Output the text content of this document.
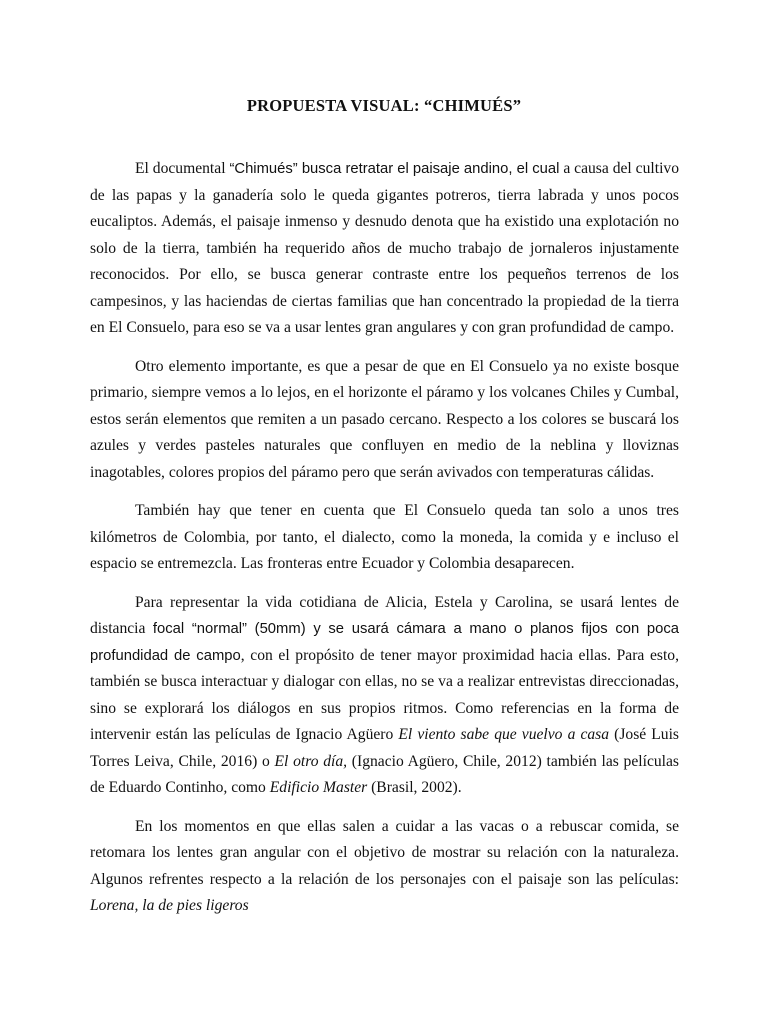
PROPUESTA VISUAL: “CHIMUÉS”

El documental “Chimués” busca retratar el paisaje andino, el cual a causa del cultivo de las papas y la ganadería solo le queda gigantes potreros, tierra labrada y unos pocos eucaliptos. Además, el paisaje inmenso y desnudo denota que ha existido una explotación no solo de la tierra, también ha requerido años de mucho trabajo de jornaleros injustamente reconocidos. Por ello, se busca generar contraste entre los pequeños terrenos de los campesinos, y las haciendas de ciertas familias que han concentrado la propiedad de la tierra en El Consuelo, para eso se va a usar lentes gran angulares y con gran profundidad de campo.

Otro elemento importante, es que a pesar de que en El Consuelo ya no existe bosque primario, siempre vemos a lo lejos, en el horizonte el páramo y los volcanes Chiles y Cumbal, estos serán elementos que remiten a un pasado cercano. Respecto a los colores se buscará los azules y verdes pasteles naturales que confluyen en medio de la neblina y lloviznas inagotables, colores propios del páramo pero que serán avivados con temperaturas cálidas.

También hay que tener en cuenta que El Consuelo queda tan solo a unos tres kilómetros de Colombia, por tanto, el dialecto, como la moneda, la comida y e incluso el espacio se entremezcla. Las fronteras entre Ecuador y Colombia desaparecen.

Para representar la vida cotidiana de Alicia, Estela y Carolina, se usará lentes de distancia focal “normal” (50mm) y se usará cámara a mano o planos fijos con poca profundidad de campo, con el propósito de tener mayor proximidad hacia ellas. Para esto, también se busca interactuar y dialogar con ellas, no se va a realizar entrevistas direccionadas, sino se explorará los diálogos en sus propios ritmos. Como referencias en la forma de intervenir están las películas de Ignacio Agüero El viento sabe que vuelvo a casa (José Luis Torres Leiva, Chile, 2016) o El otro día, (Ignacio Agüero, Chile, 2012) también las películas de Eduardo Continho, como Edificio Master (Brasil, 2002).

En los momentos en que ellas salen a cuidar a las vacas o a rebuscar comida, se retomara los lentes gran angular con el objetivo de mostrar su relación con la naturaleza. Algunos refrentes respecto a la relación de los personajes con el paisaje son las películas: Lorena, la de pies ligeros
